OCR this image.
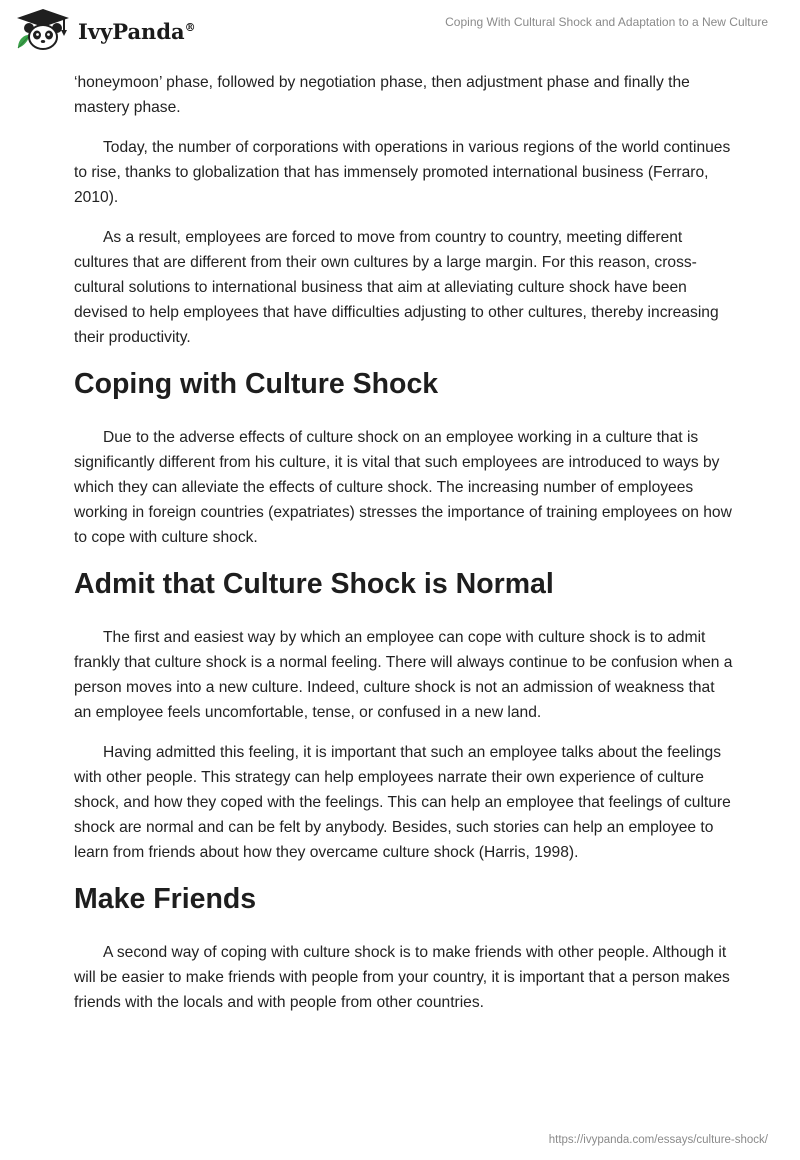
IvyPanda®	Coping With Cultural Shock and Adaptation to a New Culture

‘honeymoon’ phase, followed by negotiation phase, then adjustment phase and finally the mastery phase.

Today, the number of corporations with operations in various regions of the world continues to rise, thanks to globalization that has immensely promoted international business (Ferraro, 2010).

As a result, employees are forced to move from country to country, meeting different cultures that are different from their own cultures by a large margin. For this reason, cross-cultural solutions to international business that aim at alleviating culture shock have been devised to help employees that have difficulties adjusting to other cultures, thereby increasing their productivity.

Coping with Culture Shock

Due to the adverse effects of culture shock on an employee working in a culture that is significantly different from his culture, it is vital that such employees are introduced to ways by which they can alleviate the effects of culture shock. The increasing number of employees working in foreign countries (expatriates) stresses the importance of training employees on how to cope with culture shock.

Admit that Culture Shock is Normal

The first and easiest way by which an employee can cope with culture shock is to admit frankly that culture shock is a normal feeling. There will always continue to be confusion when a person moves into a new culture. Indeed, culture shock is not an admission of weakness that an employee feels uncomfortable, tense, or confused in a new land.

Having admitted this feeling, it is important that such an employee talks about the feelings with other people. This strategy can help employees narrate their own experience of culture shock, and how they coped with the feelings. This can help an employee that feelings of culture shock are normal and can be felt by anybody. Besides, such stories can help an employee to learn from friends about how they overcame culture shock (Harris, 1998).

Make Friends

A second way of coping with culture shock is to make friends with other people. Although it will be easier to make friends with people from your country, it is important that a person makes friends with the locals and with people from other countries.

https://ivypanda.com/essays/culture-shock/
